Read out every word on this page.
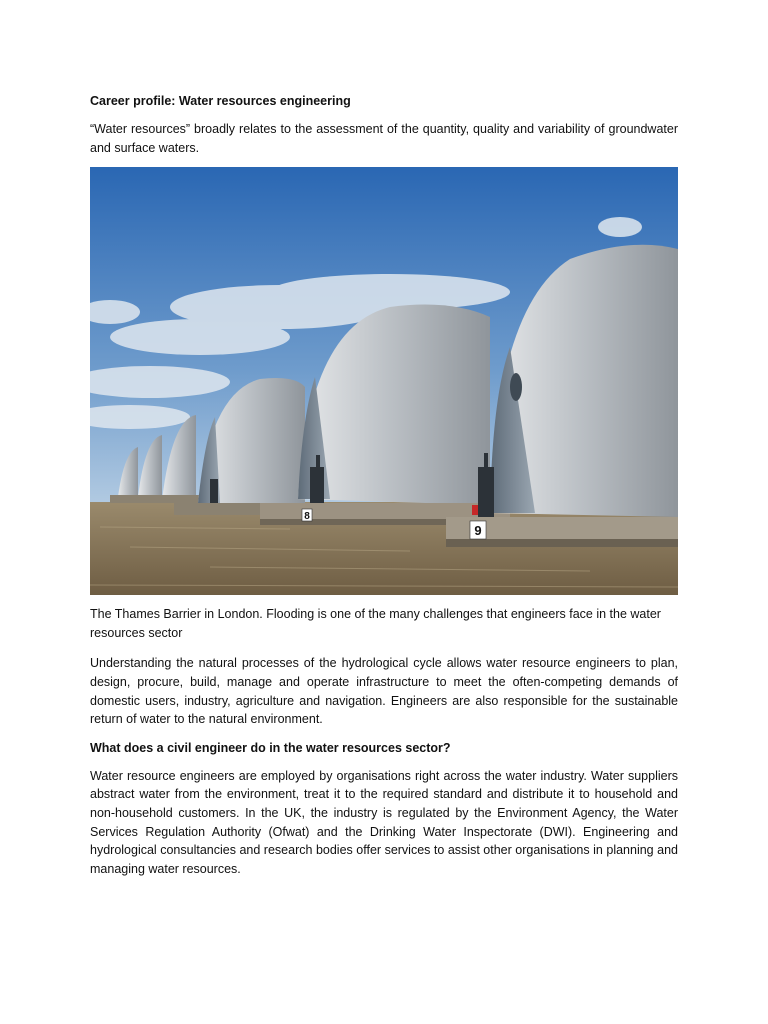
Career profile: Water resources engineering
“Water resources” broadly relates to the assessment of the quantity, quality and variability of groundwater and surface waters.
8
9
The Thames Barrier in London. Flooding is one of the many challenges that engineers face in the water resources sector
Understanding the natural processes of the hydrological cycle allows water resource engineers to plan, design, procure, build, manage and operate infrastructure to meet the often-competing demands of domestic users, industry, agriculture and navigation. Engineers are also responsible for the sustainable return of water to the natural environment.
What does a civil engineer do in the water resources sector?
Water resource engineers are employed by organisations right across the water industry. Water suppliers abstract water from the environment, treat it to the required standard and distribute it to household and non-household customers. In the UK, the industry is regulated by the Environment Agency, the Water Services Regulation Authority (Ofwat) and the Drinking Water Inspectorate (DWI). Engineering and hydrological consultancies and research bodies offer services to assist other organisations in planning and managing water resources.
